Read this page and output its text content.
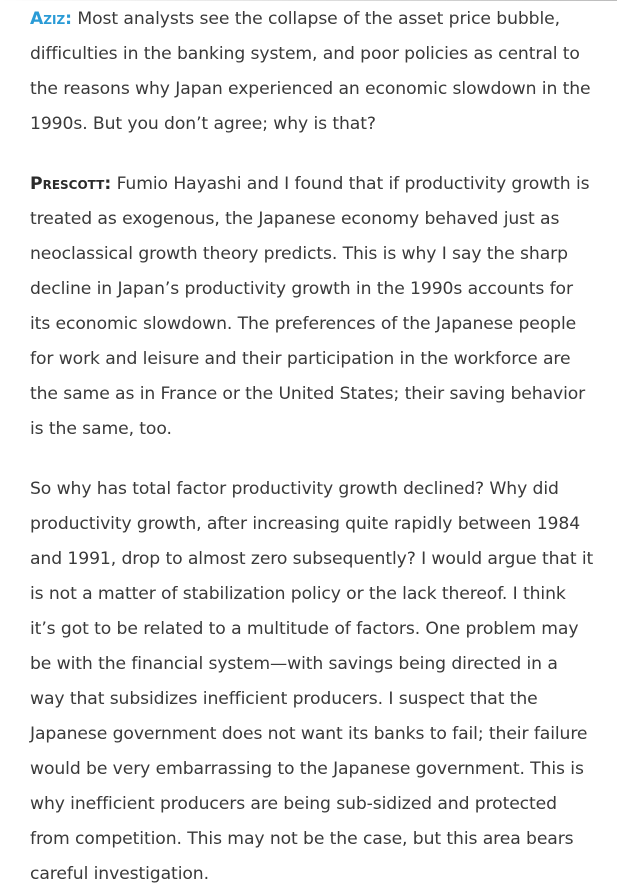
Aziz: Most analysts see the collapse of the asset price bubble, difficulties in the banking system, and poor policies as central to the reasons why Japan experienced an economic slowdown in the 1990s. But you don’t agree; why is that?

Prescott: Fumio Hayashi and I found that if productivity growth is treated as exogenous, the Japanese economy behaved just as neoclassical growth theory predicts. This is why I say the sharp decline in Japan’s productivity growth in the 1990s accounts for its economic slowdown. The preferences of the Japanese people for work and leisure and their participation in the workforce are the same as in France or the United States; their saving behavior is the same, too.

So why has total factor productivity growth declined? Why did productivity growth, after increasing quite rapidly between 1984 and 1991, drop to almost zero subsequently? I would argue that it is not a matter of stabilization policy or the lack thereof. I think it’s got to be related to a multitude of factors. One problem may be with the financial system—with savings being directed in a way that subsidizes inefficient producers. I suspect that the Japanese government does not want its banks to fail; their failure would be very embarrassing to the Japanese government. This is why inefficient producers are being sub-sidized and protected from competition. This may not be the case, but this area bears careful investigation.
